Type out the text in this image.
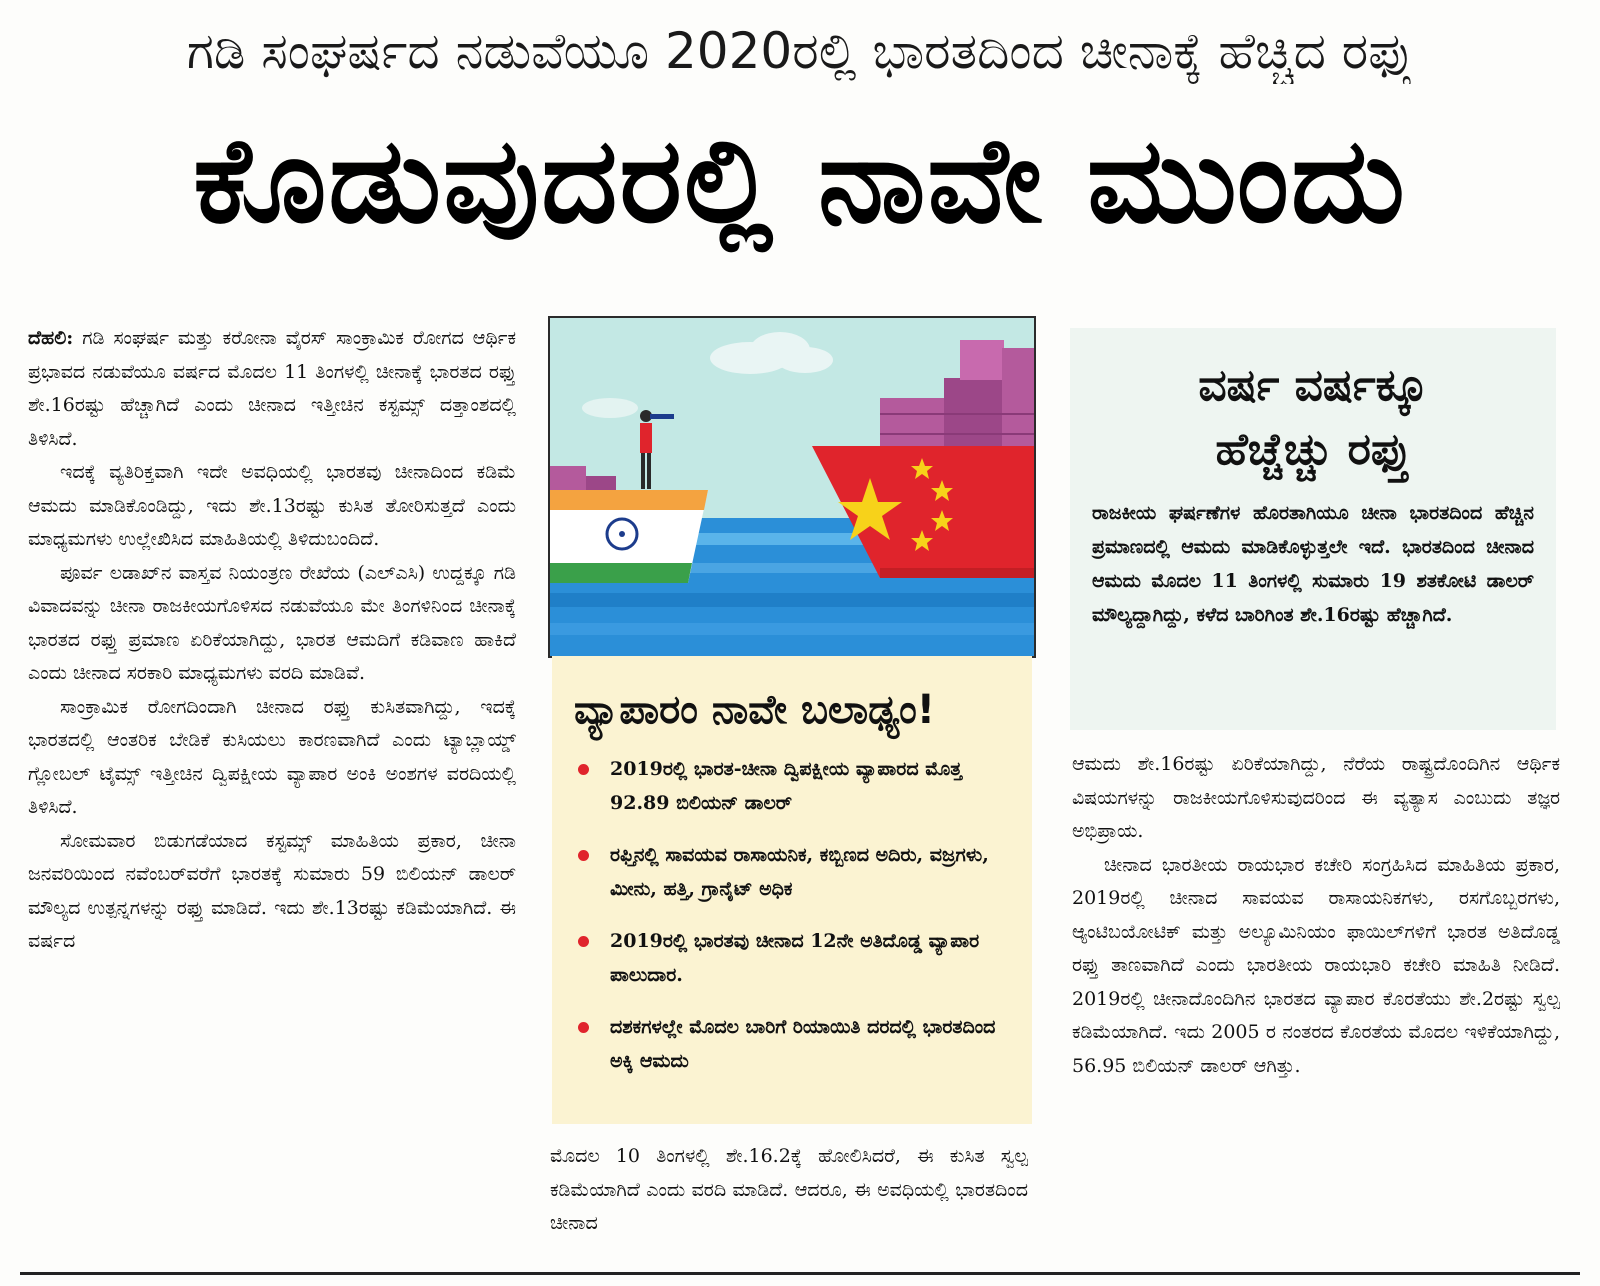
ಗಡಿ ಸಂಘರ್ಷದ ನಡುವೆಯೂ 2020ರಲ್ಲಿ ಭಾರತದಿಂದ ಚೀನಾಕ್ಕೆ ಹೆಚ್ಚಿದ ರಫ್ತು
ಕೊಡುವುದರಲ್ಲಿ ನಾವೇ ಮುಂದು

ದೆಹಲಿ: ಗಡಿ ಸಂಘರ್ಷ ಮತ್ತು ಕರೋನಾ ವೈರಸ್ ಸಾಂಕ್ರಾಮಿಕ ರೋಗದ ಆರ್ಥಿಕ ಪ್ರಭಾವದ ನಡುವೆಯೂ ವರ್ಷದ ಮೊದಲ 11 ತಿಂಗಳಲ್ಲಿ ಚೀನಾಕ್ಕೆ ಭಾರತದ ರಫ್ತು ಶೇ.16ರಷ್ಟು ಹೆಚ್ಚಾಗಿದೆ ಎಂದು ಚೀನಾದ ಇತ್ತೀಚಿನ ಕಸ್ಟಮ್ಸ್ ದತ್ತಾಂಶದಲ್ಲಿ ತಿಳಿಸಿದೆ.

ಇದಕ್ಕೆ ವ್ಯತಿರಿಕ್ತವಾಗಿ ಇದೇ ಅವಧಿಯಲ್ಲಿ ಭಾರತವು ಚೀನಾದಿಂದ ಕಡಿಮೆ ಆಮದು ಮಾಡಿಕೊಂಡಿದ್ದು, ಇದು ಶೇ.13ರಷ್ಟು ಕುಸಿತ ತೋರಿಸುತ್ತದೆ ಎಂದು ಮಾಧ್ಯಮಗಳು ಉಲ್ಲೇಖಿಸಿದ ಮಾಹಿತಿಯಲ್ಲಿ ತಿಳಿದುಬಂದಿದೆ.

ಪೂರ್ವ ಲಡಾಖ್‌ನ ವಾಸ್ತವ ನಿಯಂತ್ರಣ ರೇಖೆಯ (ಎಲ್‌ಎಸಿ) ಉದ್ದಕ್ಕೂ ಗಡಿ ವಿವಾದವನ್ನು ಚೀನಾ ರಾಜಕೀಯಗೊಳಿಸದ ನಡುವೆಯೂ ಮೇ ತಿಂಗಳಿನಿಂದ ಚೀನಾಕ್ಕೆ ಭಾರತದ ರಫ್ತು ಪ್ರಮಾಣ ಏರಿಕೆಯಾಗಿದ್ದು, ಭಾರತ ಆಮದಿಗೆ ಕಡಿವಾಣ ಹಾಕಿದೆ ಎಂದು ಚೀನಾದ ಸರಕಾರಿ ಮಾಧ್ಯಮಗಳು ವರದಿ ಮಾಡಿವೆ.

ಸಾಂಕ್ರಾಮಿಕ ರೋಗದಿಂದಾಗಿ ಚೀನಾದ ರಫ್ತು ಕುಸಿತವಾಗಿದ್ದು, ಇದಕ್ಕೆ ಭಾರತದಲ್ಲಿ ಆಂತರಿಕ ಬೇಡಿಕೆ ಕುಸಿಯಲು ಕಾರಣವಾಗಿದೆ ಎಂದು ಟ್ಯಾಬ್ಲಾಯ್ಡ್ ಗ್ಲೋಬಲ್ ಟೈಮ್ಸ್ ಇತ್ತೀಚಿನ ದ್ವಿಪಕ್ಷೀಯ ವ್ಯಾಪಾರ ಅಂಕಿ ಅಂಶಗಳ ವರದಿಯಲ್ಲಿ ತಿಳಿಸಿದೆ.

ಸೋಮವಾರ ಬಿಡುಗಡೆಯಾದ ಕಸ್ಟಮ್ಸ್ ಮಾಹಿತಿಯ ಪ್ರಕಾರ, ಚೀನಾ ಜನವರಿಯಿಂದ ನವೆಂಬರ್‌ವರೆಗೆ ಭಾರತಕ್ಕೆ ಸುಮಾರು 59 ಬಿಲಿಯನ್ ಡಾಲರ್ ಮೌಲ್ಯದ ಉತ್ಪನ್ನಗಳನ್ನು ರಫ್ತು ಮಾಡಿದೆ. ಇದು ಶೇ.13ರಷ್ಟು ಕಡಿಮೆಯಾಗಿದೆ. ಈ ವರ್ಷದ

ವ್ಯಾಪಾರಂ ನಾವೇ ಬಲಾಢ್ಯಂ!
2019ರಲ್ಲಿ ಭಾರತ-ಚೀನಾ ದ್ವಿಪಕ್ಷೀಯ ವ್ಯಾಪಾರದ ಮೊತ್ತ 92.89 ಬಿಲಿಯನ್ ಡಾಲರ್
ರಫ್ತಿನಲ್ಲಿ ಸಾವಯವ ರಾಸಾಯನಿಕ, ಕಬ್ಬಿಣದ ಅದಿರು, ವಜ್ರಗಳು, ಮೀನು, ಹತ್ತಿ, ಗ್ರಾನೈಟ್ ಅಧಿಕ
2019ರಲ್ಲಿ ಭಾರತವು ಚೀನಾದ 12ನೇ ಅತಿದೊಡ್ಡ ವ್ಯಾಪಾರ ಪಾಲುದಾರ.
ದಶಕಗಳಲ್ಲೇ ಮೊದಲ ಬಾರಿಗೆ ರಿಯಾಯಿತಿ ದರದಲ್ಲಿ ಭಾರತದಿಂದ ಅಕ್ಕಿ ಆಮದು

ಮೊದಲ 10 ತಿಂಗಳಲ್ಲಿ ಶೇ.16.2ಕ್ಕೆ ಹೋಲಿಸಿದರೆ, ಈ ಕುಸಿತ ಸ್ವಲ್ಪ ಕಡಿಮೆಯಾಗಿದೆ ಎಂದು ವರದಿ ಮಾಡಿದೆ. ಆದರೂ, ಈ ಅವಧಿಯಲ್ಲಿ ಭಾರತದಿಂದ ಚೀನಾದ

ವರ್ಷ ವರ್ಷಕ್ಕೂ
ಹೆಚ್ಚೆಚ್ಚು ರಫ್ತು
ರಾಜಕೀಯ ಘರ್ಷಣೆಗಳ ಹೊರತಾಗಿಯೂ ಚೀನಾ ಭಾರತದಿಂದ ಹೆಚ್ಚಿನ ಪ್ರಮಾಣದಲ್ಲಿ ಆಮದು ಮಾಡಿಕೊಳ್ಳುತ್ತಲೇ ಇದೆ. ಭಾರತದಿಂದ ಚೀನಾದ ಆಮದು ಮೊದಲ 11 ತಿಂಗಳಲ್ಲಿ ಸುಮಾರು 19 ಶತಕೋಟಿ ಡಾಲರ್ ಮೌಲ್ಯದ್ದಾಗಿದ್ದು, ಕಳೆದ ಬಾರಿಗಿಂತ ಶೇ.16ರಷ್ಟು ಹೆಚ್ಚಾಗಿದೆ.

ಆಮದು ಶೇ.16ರಷ್ಟು ಏರಿಕೆಯಾಗಿದ್ದು, ನೆರೆಯ ರಾಷ್ಟ್ರದೊಂದಿಗಿನ ಆರ್ಥಿಕ ವಿಷಯಗಳನ್ನು ರಾಜಕೀಯಗೊಳಿಸುವುದರಿಂದ ಈ ವ್ಯತ್ಯಾಸ ಎಂಬುದು ತಜ್ಞರ ಅಭಿಪ್ರಾಯ.

ಚೀನಾದ ಭಾರತೀಯ ರಾಯಭಾರ ಕಚೇರಿ ಸಂಗ್ರಹಿಸಿದ ಮಾಹಿತಿಯ ಪ್ರಕಾರ, 2019ರಲ್ಲಿ ಚೀನಾದ ಸಾವಯವ ರಾಸಾಯನಿಕಗಳು, ರಸಗೊಬ್ಬರಗಳು, ಆ್ಯಂಟಿಬಯೋಟಿಕ್ ಮತ್ತು ಅಲ್ಯೂಮಿನಿಯಂ ಫಾಯಿಲ್‌ಗಳಿಗೆ ಭಾರತ ಅತಿದೊಡ್ಡ ರಫ್ತು ತಾಣವಾಗಿದೆ ಎಂದು ಭಾರತೀಯ ರಾಯಭಾರಿ ಕಚೇರಿ ಮಾಹಿತಿ ನೀಡಿದೆ. 2019ರಲ್ಲಿ ಚೀನಾದೊಂದಿಗಿನ ಭಾರತದ ವ್ಯಾಪಾರ ಕೊರತೆಯು ಶೇ.2ರಷ್ಟು ಸ್ವಲ್ಪ ಕಡಿಮೆಯಾಗಿದೆ. ಇದು 2005 ರ ನಂತರದ ಕೊರತೆಯ ಮೊದಲ ಇಳಿಕೆಯಾಗಿದ್ದು, 56.95 ಬಿಲಿಯನ್ ಡಾಲರ್ ಆಗಿತ್ತು.
